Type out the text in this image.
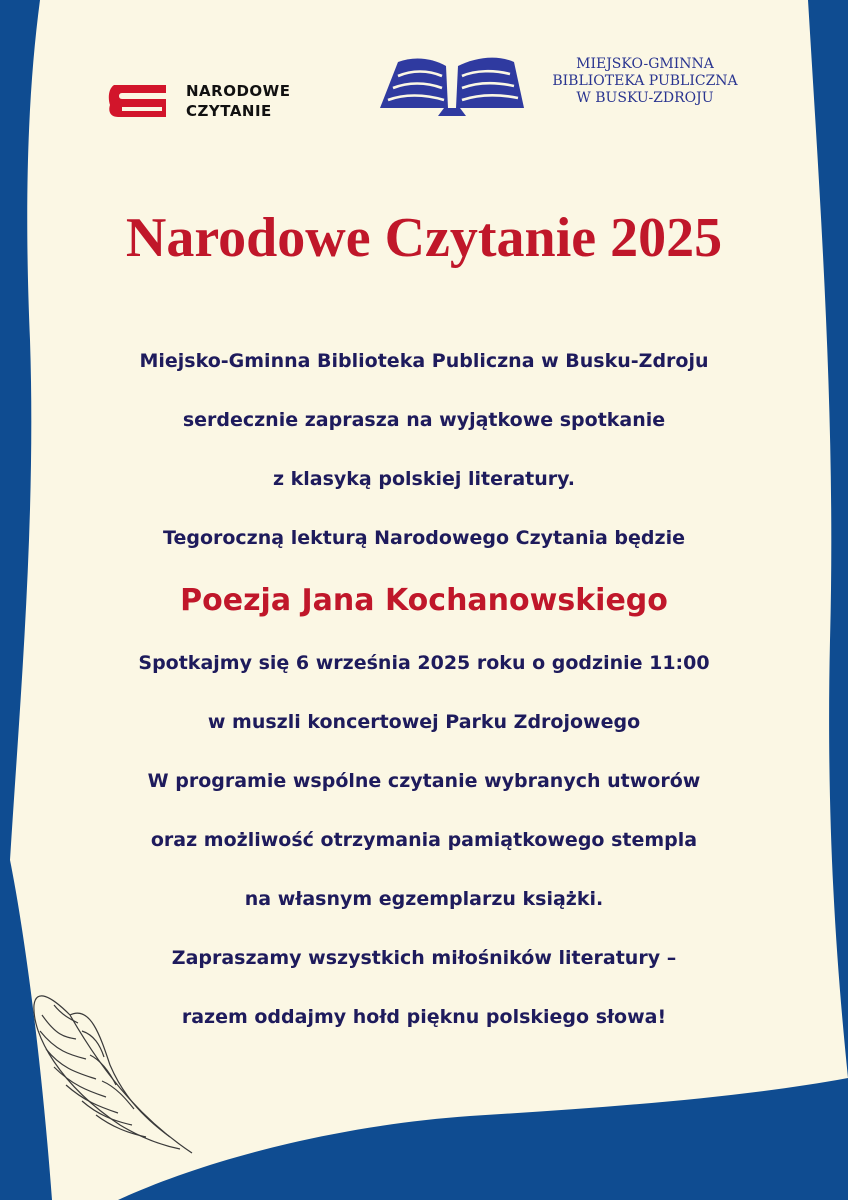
NARODOWE
CZYTANIE
MIEJSKO-GMINNA
BIBLIOTEKA PUBLICZNA
W BUSKU-ZDROJU
Narodowe Czytanie 2025
Miejsko-Gminna Biblioteka Publiczna w Busku-Zdroju
serdecznie zaprasza na wyjątkowe spotkanie
z klasyką polskiej literatury.
Tegoroczną lekturą Narodowego Czytania będzie
Poezja Jana Kochanowskiego
Spotkajmy się 6 września 2025 roku o godzinie 11:00
w muszli koncertowej Parku Zdrojowego
W programie wspólne czytanie wybranych utworów
oraz możliwość otrzymania pamiątkowego stempla
na własnym egzemplarzu książki.
Zapraszamy wszystkich miłośników literatury –
razem oddajmy hołd pięknu polskiego słowa!
